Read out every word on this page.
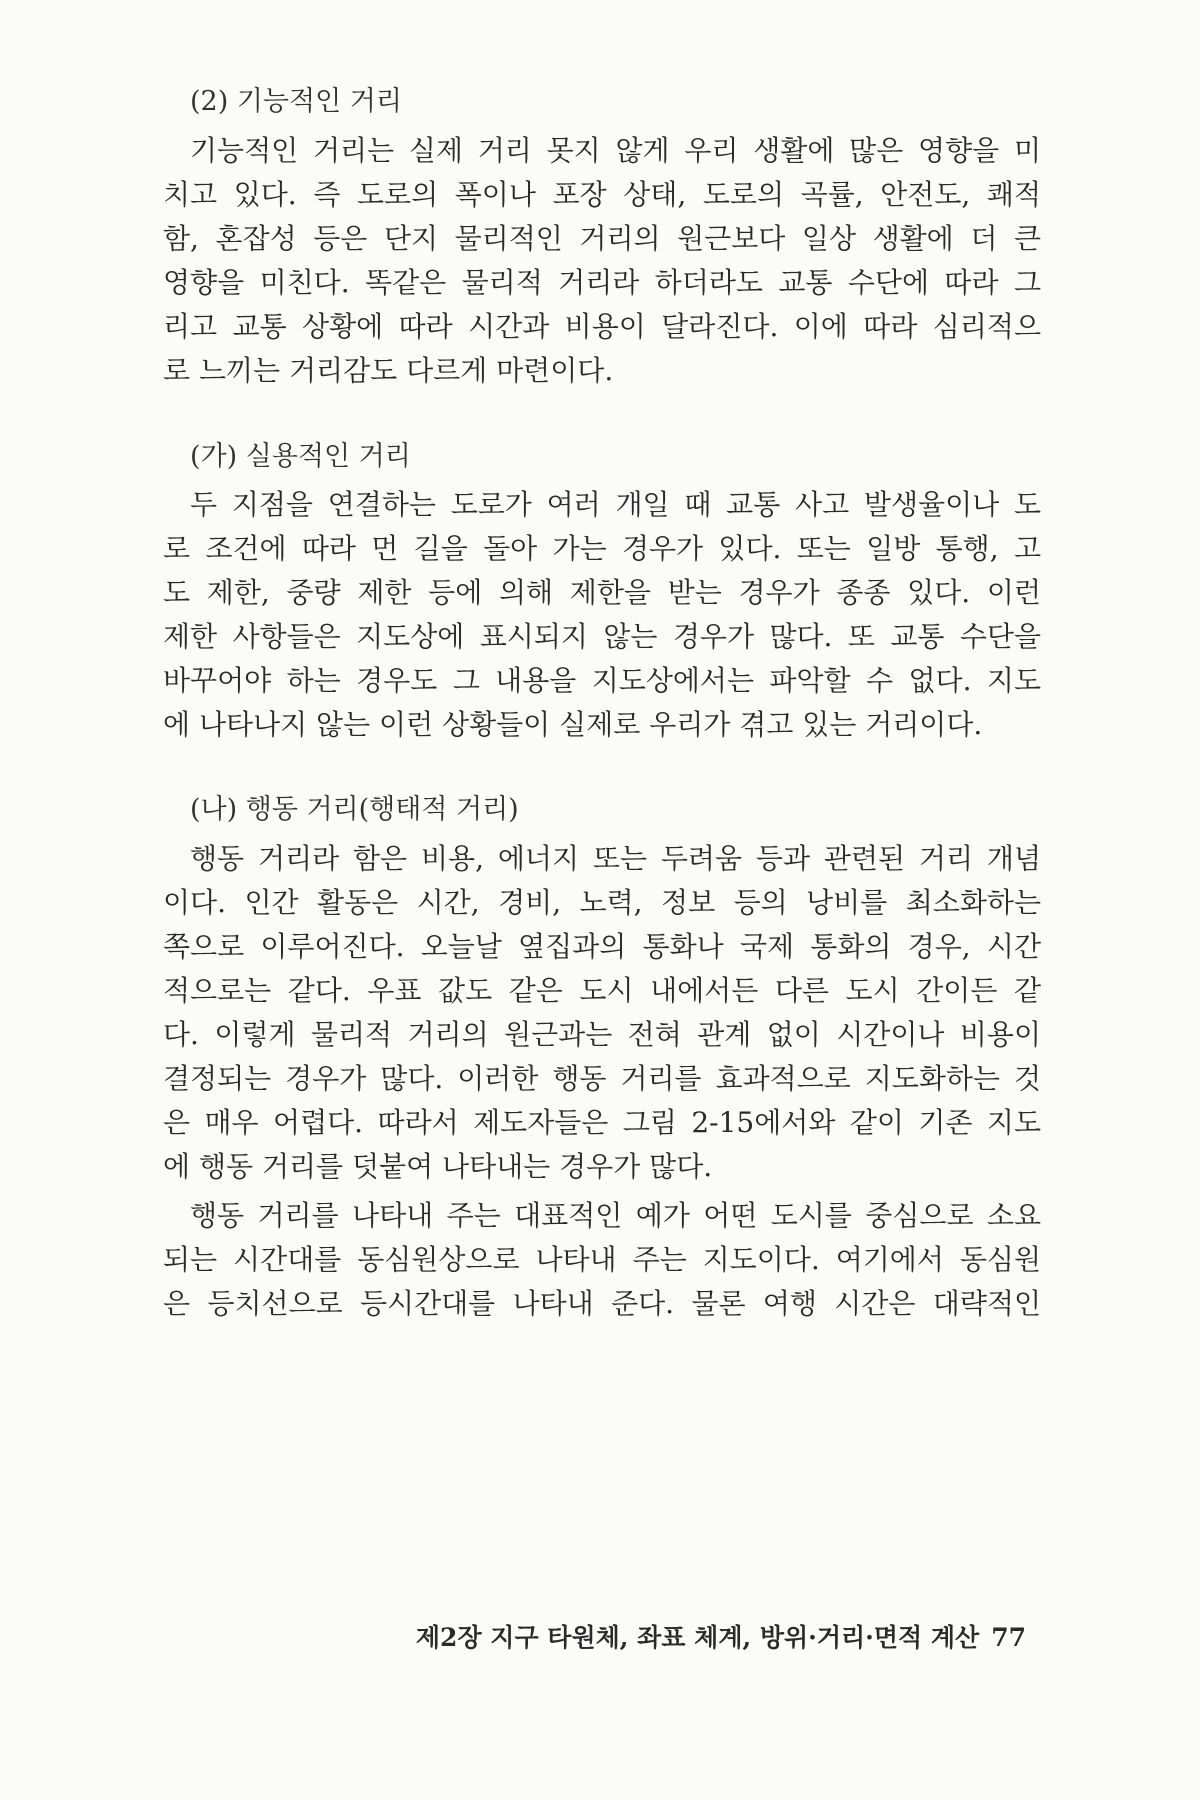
(2) 기능적인 거리
기능적인 거리는 실제 거리 못지 않게 우리 생활에 많은 영향을 미
치고 있다. 즉 도로의 폭이나 포장 상태, 도로의 곡률, 안전도, 쾌적
함, 혼잡성 등은 단지 물리적인 거리의 원근보다 일상 생활에 더 큰
영향을 미친다. 똑같은 물리적 거리라 하더라도 교통 수단에 따라 그
리고 교통 상황에 따라 시간과 비용이 달라진다. 이에 따라 심리적으
로 느끼는 거리감도 다르게 마련이다.
(가) 실용적인 거리
두 지점을 연결하는 도로가 여러 개일 때 교통 사고 발생율이나 도
로 조건에 따라 먼 길을 돌아 가는 경우가 있다. 또는 일방 통행, 고
도 제한, 중량 제한 등에 의해 제한을 받는 경우가 종종 있다. 이런
제한 사항들은 지도상에 표시되지 않는 경우가 많다. 또 교통 수단을
바꾸어야 하는 경우도 그 내용을 지도상에서는 파악할 수 없다. 지도
에 나타나지 않는 이런 상황들이 실제로 우리가 겪고 있는 거리이다.
(나) 행동 거리(행태적 거리)
행동 거리라 함은 비용, 에너지 또는 두려움 등과 관련된 거리 개념
이다. 인간 활동은 시간, 경비, 노력, 정보 등의 낭비를 최소화하는
쪽으로 이루어진다. 오늘날 옆집과의 통화나 국제 통화의 경우, 시간
적으로는 같다. 우표 값도 같은 도시 내에서든 다른 도시 간이든 같
다. 이렇게 물리적 거리의 원근과는 전혀 관계 없이 시간이나 비용이
결정되는 경우가 많다. 이러한 행동 거리를 효과적으로 지도화하는 것
은 매우 어렵다. 따라서 제도자들은 그림 2-15에서와 같이 기존 지도
에 행동 거리를 덧붙여 나타내는 경우가 많다.
행동 거리를 나타내 주는 대표적인 예가 어떤 도시를 중심으로 소요
되는 시간대를 동심원상으로 나타내 주는 지도이다. 여기에서 동심원
은 등치선으로 등시간대를 나타내 준다. 물론 여행 시간은 대략적인
제2장 지구 타원체, 좌표 체계, 방위·거리·면적 계산 77
